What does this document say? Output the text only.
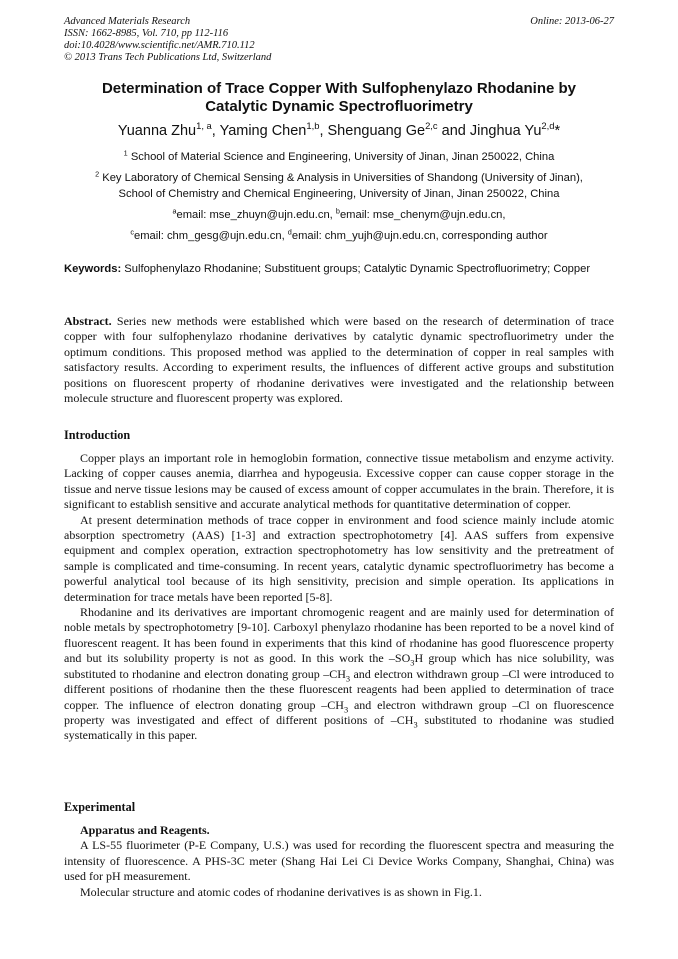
Advanced Materials Research
ISSN: 1662-8985, Vol. 710, pp 112-116
doi:10.4028/www.scientific.net/AMR.710.112
© 2013 Trans Tech Publications Ltd, Switzerland
Online: 2013-06-27
Determination of Trace Copper With Sulfophenylazo Rhodanine by
Catalytic Dynamic Spectrofluorimetry
Yuanna Zhu$^{1, a}$, Yaming Chen$^{1,b}$, Shenguang Ge$^{2,c}$ and Jinghua Yu$^{2,d}$*
$^1$ School of Material Science and Engineering, University of Jinan, Jinan 250022, China
$^2$ Key Laboratory of Chemical Sensing & Analysis in Universities of Shandong (University of Jinan),
School of Chemistry and Chemical Engineering, University of Jinan, Jinan 250022, China
$^a$email: mse_zhuyn@ujn.edu.cn, $^b$email: mse_chenym@ujn.edu.cn,
$^c$email: chm_gesg@ujn.edu.cn, $^d$email: chm_yujh@ujn.edu.cn, corresponding author
Keywords: Sulfophenylazo Rhodanine; Substituent groups; Catalytic Dynamic Spectrofluorimetry; Copper

Abstract. Series new methods were established which were based on the research of determination of trace copper with four sulfophenylazo rhodanine derivatives by catalytic dynamic spectrofluorimetry under the optimum conditions. This proposed method was applied to the determination of copper in real samples with satisfactory results. According to experiment results, the influences of different active groups and substitution positions on fluorescent property of rhodanine derivatives were investigated and the relationship between molecule structure and fluorescent property was explored.

Introduction

Copper plays an important role in hemoglobin formation, connective tissue metabolism and enzyme activity. Lacking of copper causes anemia, diarrhea and hypogeusia. Excessive copper can cause copper storage in the tissue and nerve tissue lesions may be caused of excess amount of copper accumulates in the brain. Therefore, it is significant to establish sensitive and accurate analytical methods for quantitative determination of copper.

At present determination methods of trace copper in environment and food science mainly include atomic absorption spectrometry (AAS) [1-3] and extraction spectrophotometry [4]. AAS suffers from expensive equipment and complex operation, extraction spectrophotometry has low sensitivity and the pretreatment of sample is complicated and time-consuming. In recent years, catalytic dynamic spectrofluorimetry has become a powerful analytical tool because of its high sensitivity, precision and simple operation. Its applications in determination for trace metals have been reported [5-8].

Rhodanine and its derivatives are important chromogenic reagent and are mainly used for determination of noble metals by spectrophotometry [9-10]. Carboxyl phenylazo rhodanine has been reported to be a novel kind of fluorescent reagent. It has been found in experiments that this kind of rhodanine has good fluorescence property and but its solubility property is not as good. In this work the $-SO_3H$ group which has nice solubility, was substituted to rhodanine and electron donating group $-CH_3$ and electron withdrawn group –Cl were introduced to different positions of rhodanine then the these fluorescent reagents had been applied to determination of trace copper. The influence of electron donating group $-CH_3$ and electron withdrawn group –Cl on fluorescence property was investigated and effect of different positions of $-CH_3$ substituted to rhodanine was studied systematically in this paper.

Experimental

Apparatus and Reagents.

A LS-55 fluorimeter (P-E Company, U.S.) was used for recording the fluorescent spectra and measuring the intensity of fluorescence. A PHS-3C meter (Shang Hai Lei Ci Device Works Company, Shanghai, China) was used for pH measurement.

Molecular structure and atomic codes of rhodanine derivatives is as shown in Fig.1.
